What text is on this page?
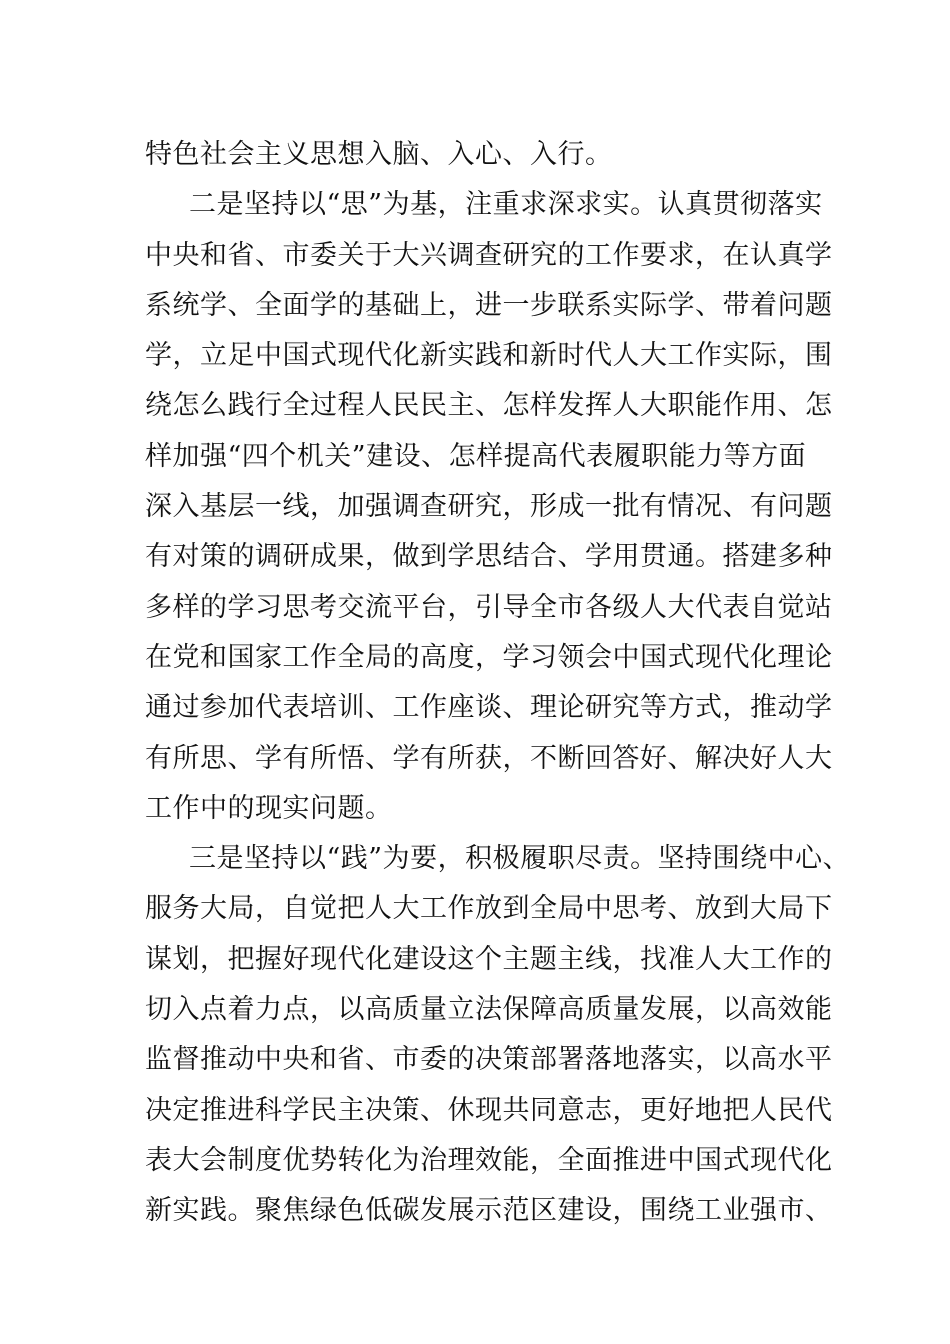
特色社会主义思想入脑、入心、入行。
二是坚持以“思”为基，注重求深求实。认真贯彻落实
中央和省、市委关于大兴调查研究的工作要求，在认真学
系统学、全面学的基础上，进一步联系实际学、带着问题
学，立足中国式现代化新实践和新时代人大工作实际，围
绕怎么践行全过程人民民主、怎样发挥人大职能作用、怎
样加强“四个机关”建设、怎样提高代表履职能力等方面
深入基层一线，加强调查研究，形成一批有情况、有问题
有对策的调研成果，做到学思结合、学用贯通。搭建多种
多样的学习思考交流平台，引导全市各级人大代表自觉站
在党和国家工作全局的高度，学习领会中国式现代化理论
通过参加代表培训、工作座谈、理论研究等方式，推动学
有所思、学有所悟、学有所获，不断回答好、解决好人大
工作中的现实问题。
三是坚持以“践”为要，积极履职尽责。坚持围绕中心、
服务大局，自觉把人大工作放到全局中思考、放到大局下
谋划，把握好现代化建设这个主题主线，找准人大工作的
切入点着力点，以高质量立法保障高质量发展，以高效能
监督推动中央和省、市委的决策部署落地落实，以高水平
决定推进科学民主决策、休现共同意志，更好地把人民代
表大会制度优势转化为治理效能，全面推进中国式现代化
新实践。聚焦绿色低碳发展示范区建设，围绕工业强市、
